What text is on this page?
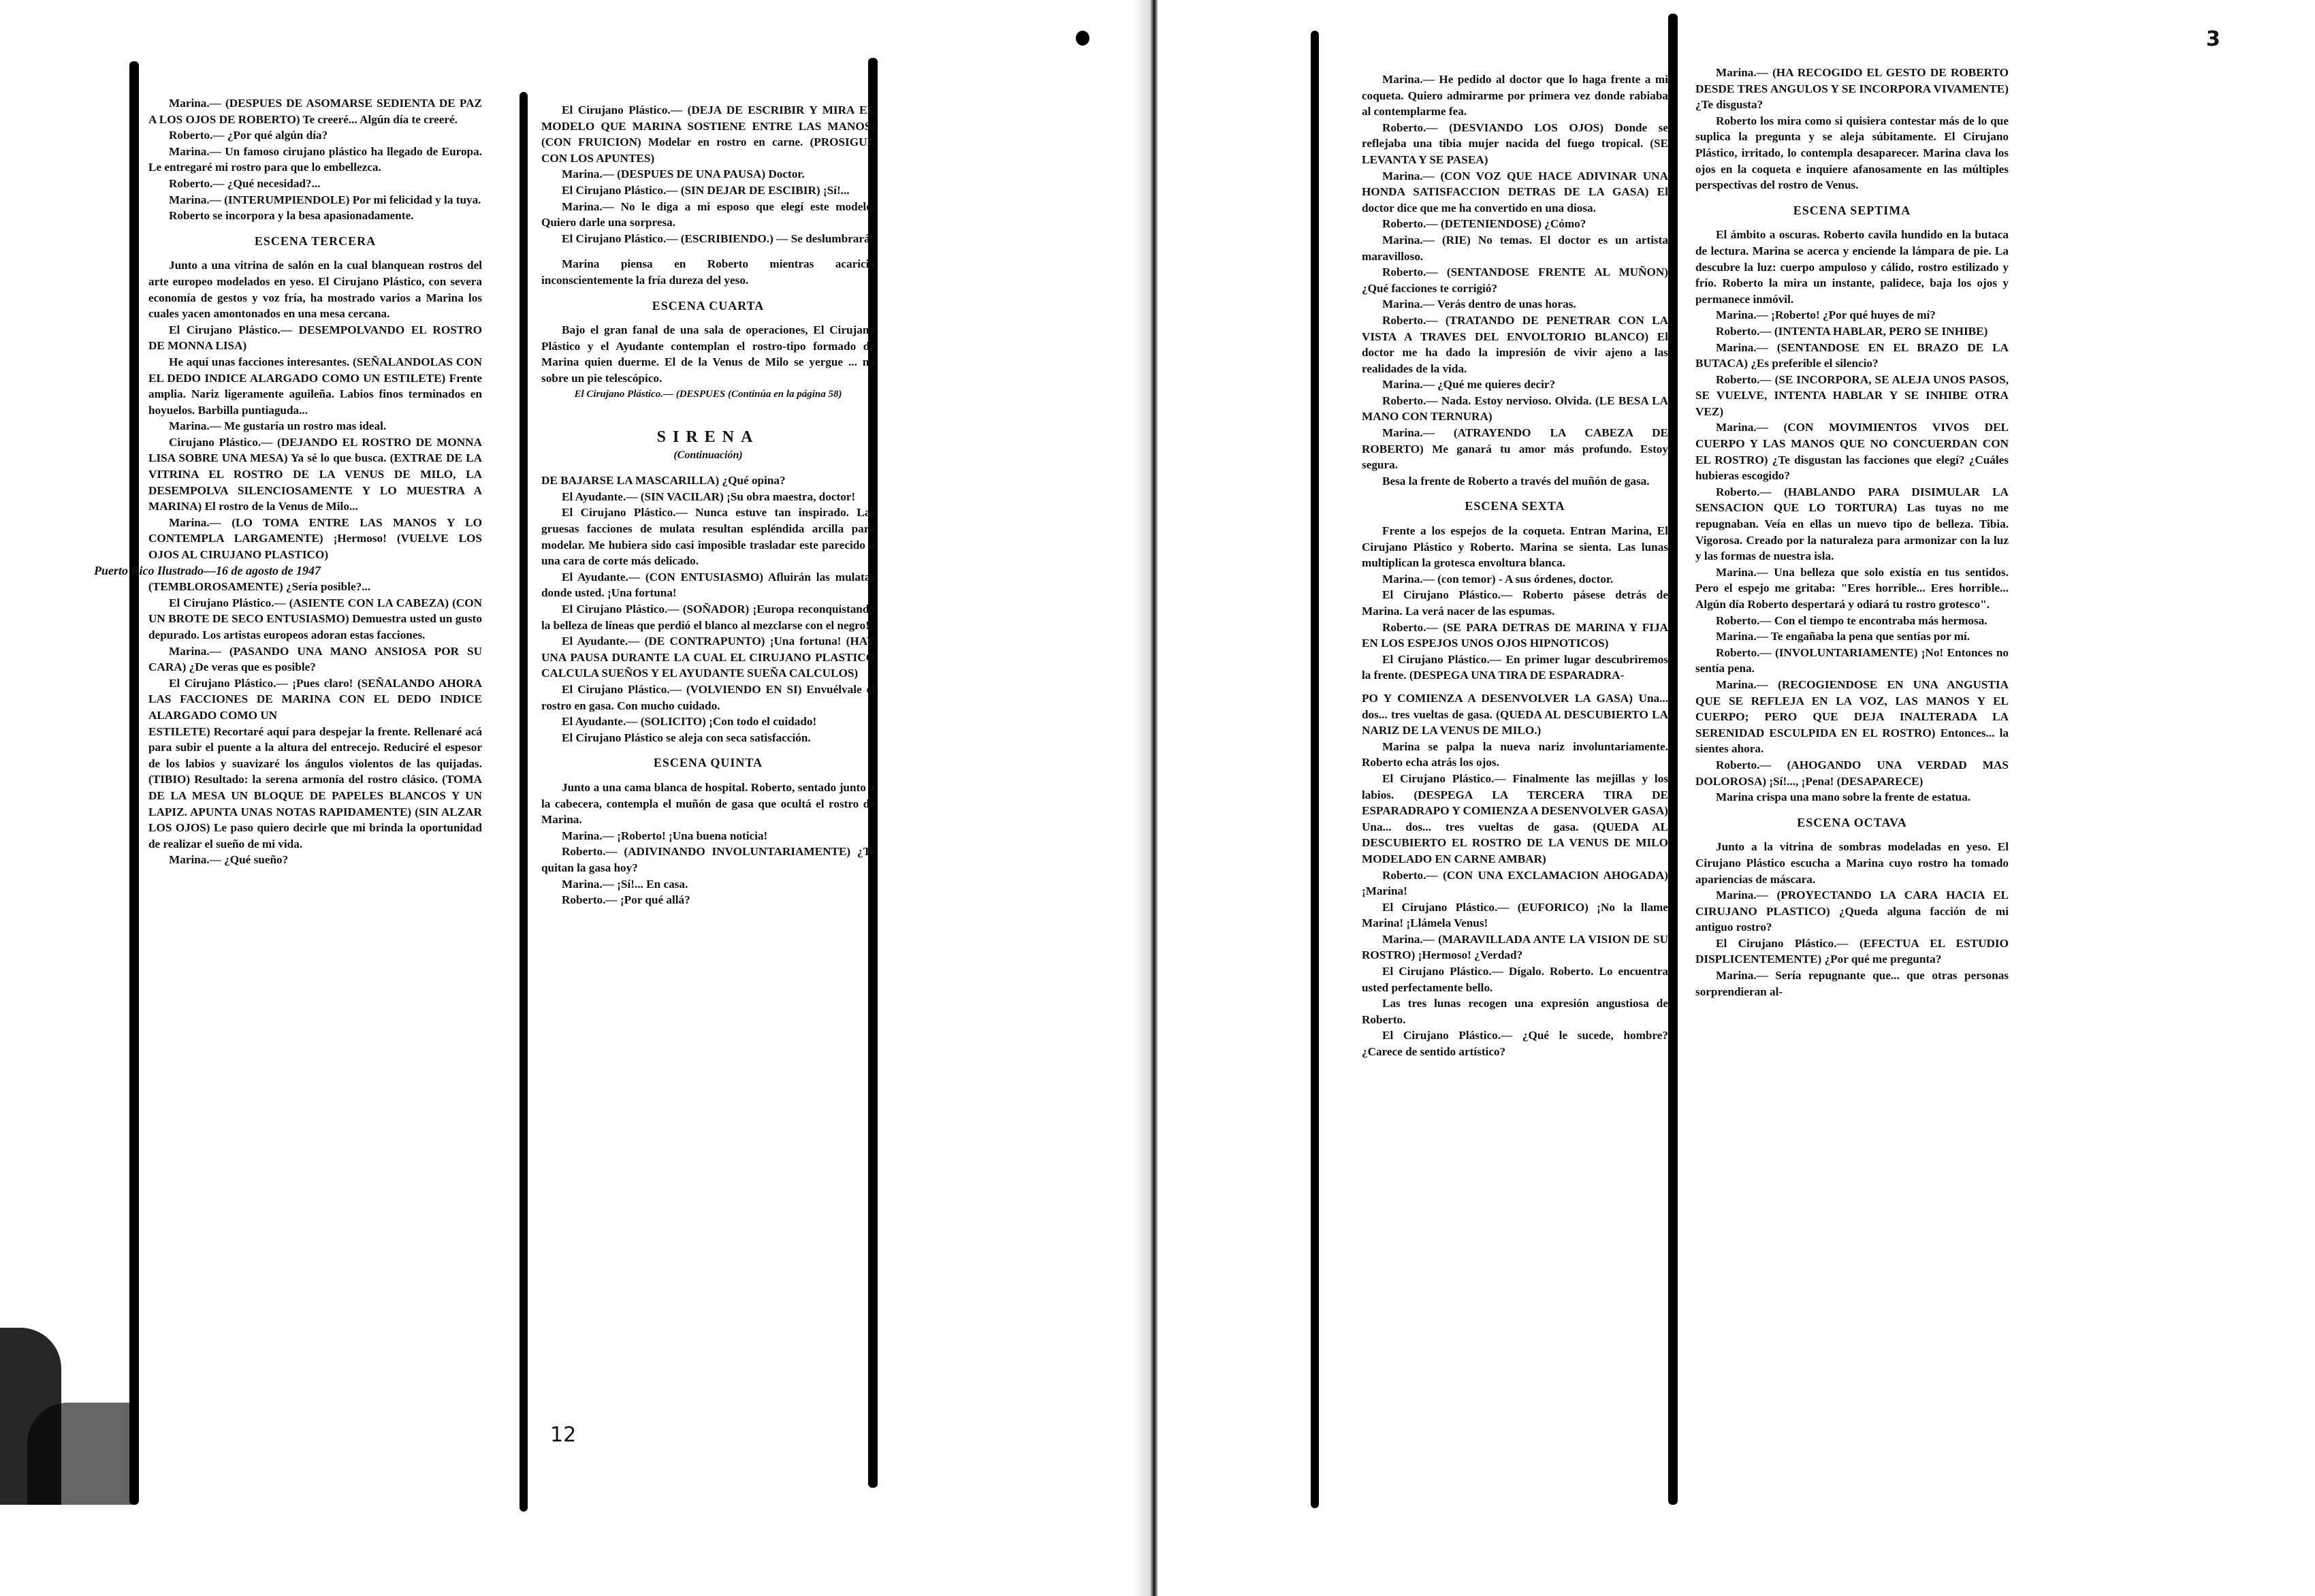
Marina.— (DESPUES DE ASOMARSE SEDIENTA DE PAZ A LOS OJOS DE ROBERTO) Te creeré... Algún día te creeré.

Roberto.— ¿Por qué algún día?

Marina.— Un famoso cirujano plástico ha llegado de Europa. Le entregaré mi rostro para que lo embellezca.

Roberto.— ¿Qué necesidad?...

Marina.— (INTERUMPIENDOLE) Por mi felicidad y la tuya.

Roberto se incorpora y la besa apasionadamente.

ESCENA TERCERA

Junto a una vitrina de salón en la cual blanquean rostros del arte europeo modelados en yeso. El Cirujano Plástico, con severa economía de gestos y voz fría, ha mostrado varios a Marina los cuales yacen amontonados en una mesa cercana.

El Cirujano Plástico.— DESEMPOLVANDO EL ROSTRO DE MONNA LISA)

He aquí unas facciones interesantes. (SEÑALANDOLAS CON EL DEDO INDICE ALARGADO COMO UN ESTILETE) Frente amplia. Nariz ligeramente aguileña. Labios finos terminados en hoyuelos. Barbilla puntiaguda...

Marina.— Me gustaría un rostro mas ideal.

Cirujano Plástico.— (DEJANDO EL ROSTRO DE MONNA LISA SOBRE UNA MESA) Ya sé lo que busca. (EXTRAE DE LA VITRINA EL ROSTRO DE LA VENUS DE MILO, LA DESEMPOLVA SILENCIOSAMENTE Y LO MUESTRA A MARINA) El rostro de la Venus de Milo...

Marina.— (LO TOMA ENTRE LAS MANOS Y LO CONTEMPLA LARGAMENTE) ¡Hermoso! (VUELVE LOS OJOS AL CIRUJANO PLASTICO)

Puerto Rico Ilustrado—16 de agosto de 1947

(TEMBLOROSAMENTE) ¿Sería posible?...

El Cirujano Plástico.— (ASIENTE CON LA CABEZA) (CON UN BROTE DE SECO ENTUSIASMO) Demuestra usted un gusto depurado. Los artistas europeos adoran estas facciones.

Marina.— (PASANDO UNA MANO ANSIOSA POR SU CARA) ¿De veras que es posible?

El Cirujano Plástico.— ¡Pues claro! (SEÑALANDO AHORA LAS FACCIONES DE MARINA CON EL DEDO INDICE ALARGADO COMO UN

ESTILETE) Recortaré aquí para despejar la frente. Rellenaré acá para subir el puente a la altura del entrecejo. Reduciré el espesor de los labios y suavizaré los ángulos violentos de las quijadas. (TIBIO) Resultado: la serena armonía del rostro clásico. (TOMA DE LA MESA UN BLOQUE DE PAPELES BLANCOS Y UN LAPIZ. APUNTA UNAS NOTAS RAPIDAMENTE) (SIN ALZAR LOS OJOS) Le paso quiero decirle que mi brinda la oportunidad de realizar el sueño de mi vida.

Marina.— ¿Qué sueño?

El Cirujano Plástico.— (DEJA DE ESCRIBIR Y MIRA EL MODELO QUE MARINA SOSTIENE ENTRE LAS MANOS) (CON FRUICION) Modelar en rostro en carne. (PROSIGUE CON LOS APUNTES)

Marina.— (DESPUES DE UNA PAUSA) Doctor.

El Cirujano Plástico.— (SIN DEJAR DE ESCIBIR) ¡Sí!...

Marina.— No le diga a mi esposo que elegí este modelo. Quiero darle una sorpresa.

El Cirujano Plástico.— (ESCRIBIENDO.) — Se deslumbrará.

Marina piensa en Roberto mientras acaricia inconscientemente la fría dureza del yeso.

ESCENA CUARTA

Bajo el gran fanal de una sala de operaciones, El Cirujano Plástico y el Ayudante contemplan el rostro-tipo formado de Marina quien duerme. El de la Venus de Milo se yergue ... no sobre un pie telescópico.

El Cirujano Plástico.— (DESPUES (Continúa en la página 58)

SIRENA

(Continuación)

DE BAJARSE LA MASCARILLA) ¿Qué opina?

El Ayudante.— (SIN VACILAR) ¡Su obra maestra, doctor!

El Cirujano Plástico.— Nunca estuve tan inspirado. Las gruesas facciones de mulata resultan espléndida arcilla para modelar. Me hubiera sido casi imposible trasladar este parecido a una cara de corte más delicado.

El Ayudante.— (CON ENTUSIASMO) Afluirán las mulatas donde usted. ¡Una fortuna!

El Cirujano Plástico.— (SOÑADOR) ¡Europa reconquistando la belleza de líneas que perdió el blanco al mezclarse con el negro!

El Ayudante.— (DE CONTRAPUNTO) ¡Una fortuna! (HAY UNA PAUSA DURANTE LA CUAL EL CIRUJANO PLASTICO CALCULA SUEÑOS Y EL AYUDANTE SUEÑA CALCULOS)

El Cirujano Plástico.— (VOLVIENDO EN SI) Envuélvale el rostro en gasa. Con mucho cuidado.

El Ayudante.— (SOLICITO) ¡Con todo el cuidado!

El Cirujano Plástico se aleja con seca satisfacción.

ESCENA QUINTA

Junto a una cama blanca de hospital. Roberto, sentado junto a la cabecera, contempla el muñón de gasa que ocultá el rostro de Marina.

Marina.— ¡Roberto! ¡Una buena noticia!

Roberto.— (ADIVINANDO INVOLUNTARIAMENTE) ¿Te quitan la gasa hoy?

Marina.— ¡Sí!... En casa.

Roberto.— ¡Por qué allá?

12

Marina.— He pedido al doctor que lo haga frente a mi coqueta. Quiero admirarme por primera vez donde rabiaba al contemplarme fea.

Roberto.— (DESVIANDO LOS OJOS) Donde se reflejaba una tibia mujer nacida del fuego tropical. (SE LEVANTA Y SE PASEA)

Marina.— (CON VOZ QUE HACE ADIVINAR UNA HONDA SATISFACCION DETRAS DE LA GASA) El doctor dice que me ha convertido en una diosa.

Roberto.— (DETENIENDOSE) ¿Cómo?

Marina.— (RIE) No temas. El doctor es un artista maravilloso.

Roberto.— (SENTANDOSE FRENTE AL MUÑON) ¿Qué facciones te corrigió?

Marina.— Verás dentro de unas horas.

Roberto.— (TRATANDO DE PENETRAR CON LA VISTA A TRAVES DEL ENVOLTORIO BLANCO) El doctor me ha dado la impresión de vivir ajeno a las realidades de la vida.

Marina.— ¿Qué me quieres decir?

Roberto.— Nada. Estoy nervioso. Olvida. (LE BESA LA MANO CON TERNURA)

Marina.— (ATRAYENDO LA CABEZA DE ROBERTO) Me ganará tu amor más profundo. Estoy segura.

Besa la frente de Roberto a través del muñón de gasa.

ESCENA SEXTA

Frente a los espejos de la coqueta. Entran Marina, El Cirujano Plástico y Roberto. Marina se sienta. Las lunas multiplican la grotesca envoltura blanca.

Marina.— (con temor) - A sus órdenes, doctor.

El Cirujano Plástico.— Roberto pásese detrás de Marina. La verá nacer de las espumas.

Roberto.— (SE PARA DETRAS DE MARINA Y FIJA EN LOS ESPEJOS UNOS OJOS HIPNOTICOS)

El Cirujano Plástico.— En primer lugar descubriremos la frente. (DESPEGA UNA TIRA DE ESPARADRA-

PO Y COMIENZA A DESENVOLVER LA GASA) Una... dos... tres vueltas de gasa. (QUEDA AL DESCUBIERTO LA NARIZ DE LA VENUS DE MILO.)

Marina se palpa la nueva nariz involuntariamente. Roberto echa atrás los ojos.

El Cirujano Plástico.— Finalmente las mejillas y los labios. (DESPEGA LA TERCERA TIRA DE ESPARADRAPO Y COMIENZA A DESENVOLVER GASA) Una... dos... tres vueltas de gasa. (QUEDA AL DESCUBIERTO EL ROSTRO DE LA VENUS DE MILO MODELADO EN CARNE AMBAR)

Roberto.— (CON UNA EXCLAMACION AHOGADA) ¡Marina!

El Cirujano Plástico.— (EUFORICO) ¡No la llame Marina! ¡Llámela Venus!

Marina.— (MARAVILLADA ANTE LA VISION DE SU ROSTRO) ¡Hermoso! ¿Verdad?

El Cirujano Plástico.— Dígalo. Roberto. Lo encuentra usted perfectamente bello.

Las tres lunas recogen una expresión angustiosa de Roberto.

El Cirujano Plástico.— ¿Qué le sucede, hombre? ¿Carece de sentido artístico?

Marina.— (HA RECOGIDO EL GESTO DE ROBERTO DESDE TRES ANGULOS Y SE INCORPORA VIVAMENTE) ¿Te disgusta?

Roberto los mira como si quisiera contestar más de lo que suplica la pregunta y se aleja súbitamente. El Cirujano Plástico, irritado, lo contempla desaparecer. Marina clava los ojos en la coqueta e inquiere afanosamente en las múltiples perspectivas del rostro de Venus.

ESCENA SEPTIMA

El ámbito a oscuras. Roberto cavila hundido en la butaca de lectura. Marina se acerca y enciende la lámpara de pie. La descubre la luz: cuerpo ampuloso y cálido, rostro estilizado y frío. Roberto la mira un instante, palidece, baja los ojos y permanece inmóvil.

Marina.— ¡Roberto! ¿Por qué huyes de mí?

Roberto.— (INTENTA HABLAR, PERO SE INHIBE)

Marina.— (SENTANDOSE EN EL BRAZO DE LA BUTACA) ¿Es preferible el silencio?

Roberto.— (SE INCORPORA, SE ALEJA UNOS PASOS, SE VUELVE, INTENTA HABLAR Y SE INHIBE OTRA VEZ)

Marina.— (CON MOVIMIENTOS VIVOS DEL CUERPO Y LAS MANOS QUE NO CONCUERDAN CON EL ROSTRO) ¿Te disgustan las facciones que elegí? ¿Cuáles hubieras escogido?

Roberto.— (HABLANDO PARA DISIMULAR LA SENSACION QUE LO TORTURA) Las tuyas no me repugnaban. Veía en ellas un nuevo tipo de belleza. Tibia. Vigorosa. Creado por la naturaleza para armonizar con la luz y las formas de nuestra isla.

Marina.— Una belleza que solo existía en tus sentidos. Pero el espejo me gritaba: "Eres horrible... Eres horrible... Algún día Roberto despertará y odiará tu rostro grotesco".

Roberto.— Con el tiempo te encontraba más hermosa.

Marina.— Te engañaba la pena que sentías por mí.

Roberto.— (INVOLUNTARIAMENTE) ¡No! Entonces no sentía pena.

Marina.— (RECOGIENDOSE EN UNA ANGUSTIA QUE SE REFLEJA EN LA VOZ, LAS MANOS Y EL CUERPO; PERO QUE DEJA INALTERADA LA SERENIDAD ESCULPIDA EN EL ROSTRO) Entonces... la sientes ahora.

Roberto.— (AHOGANDO UNA VERDAD MAS DOLOROSA) ¡Sí!..., ¡Pena! (DESAPARECE)

Marina crispa una mano sobre la frente de estatua.

ESCENA OCTAVA

Junto a la vitrina de sombras modeladas en yeso. El Cirujano Plástico escucha a Marina cuyo rostro ha tomado apariencias de máscara.

Marina.— (PROYECTANDO LA CARA HACIA EL CIRUJANO PLASTICO) ¿Queda alguna facción de mi antiguo rostro?

El Cirujano Plástico.— (EFECTUA EL ESTUDIO DISPLICENTEMENTE) ¿Por qué me pregunta?

Marina.— Sería repugnante que... que otras personas sorprendieran al-

3
